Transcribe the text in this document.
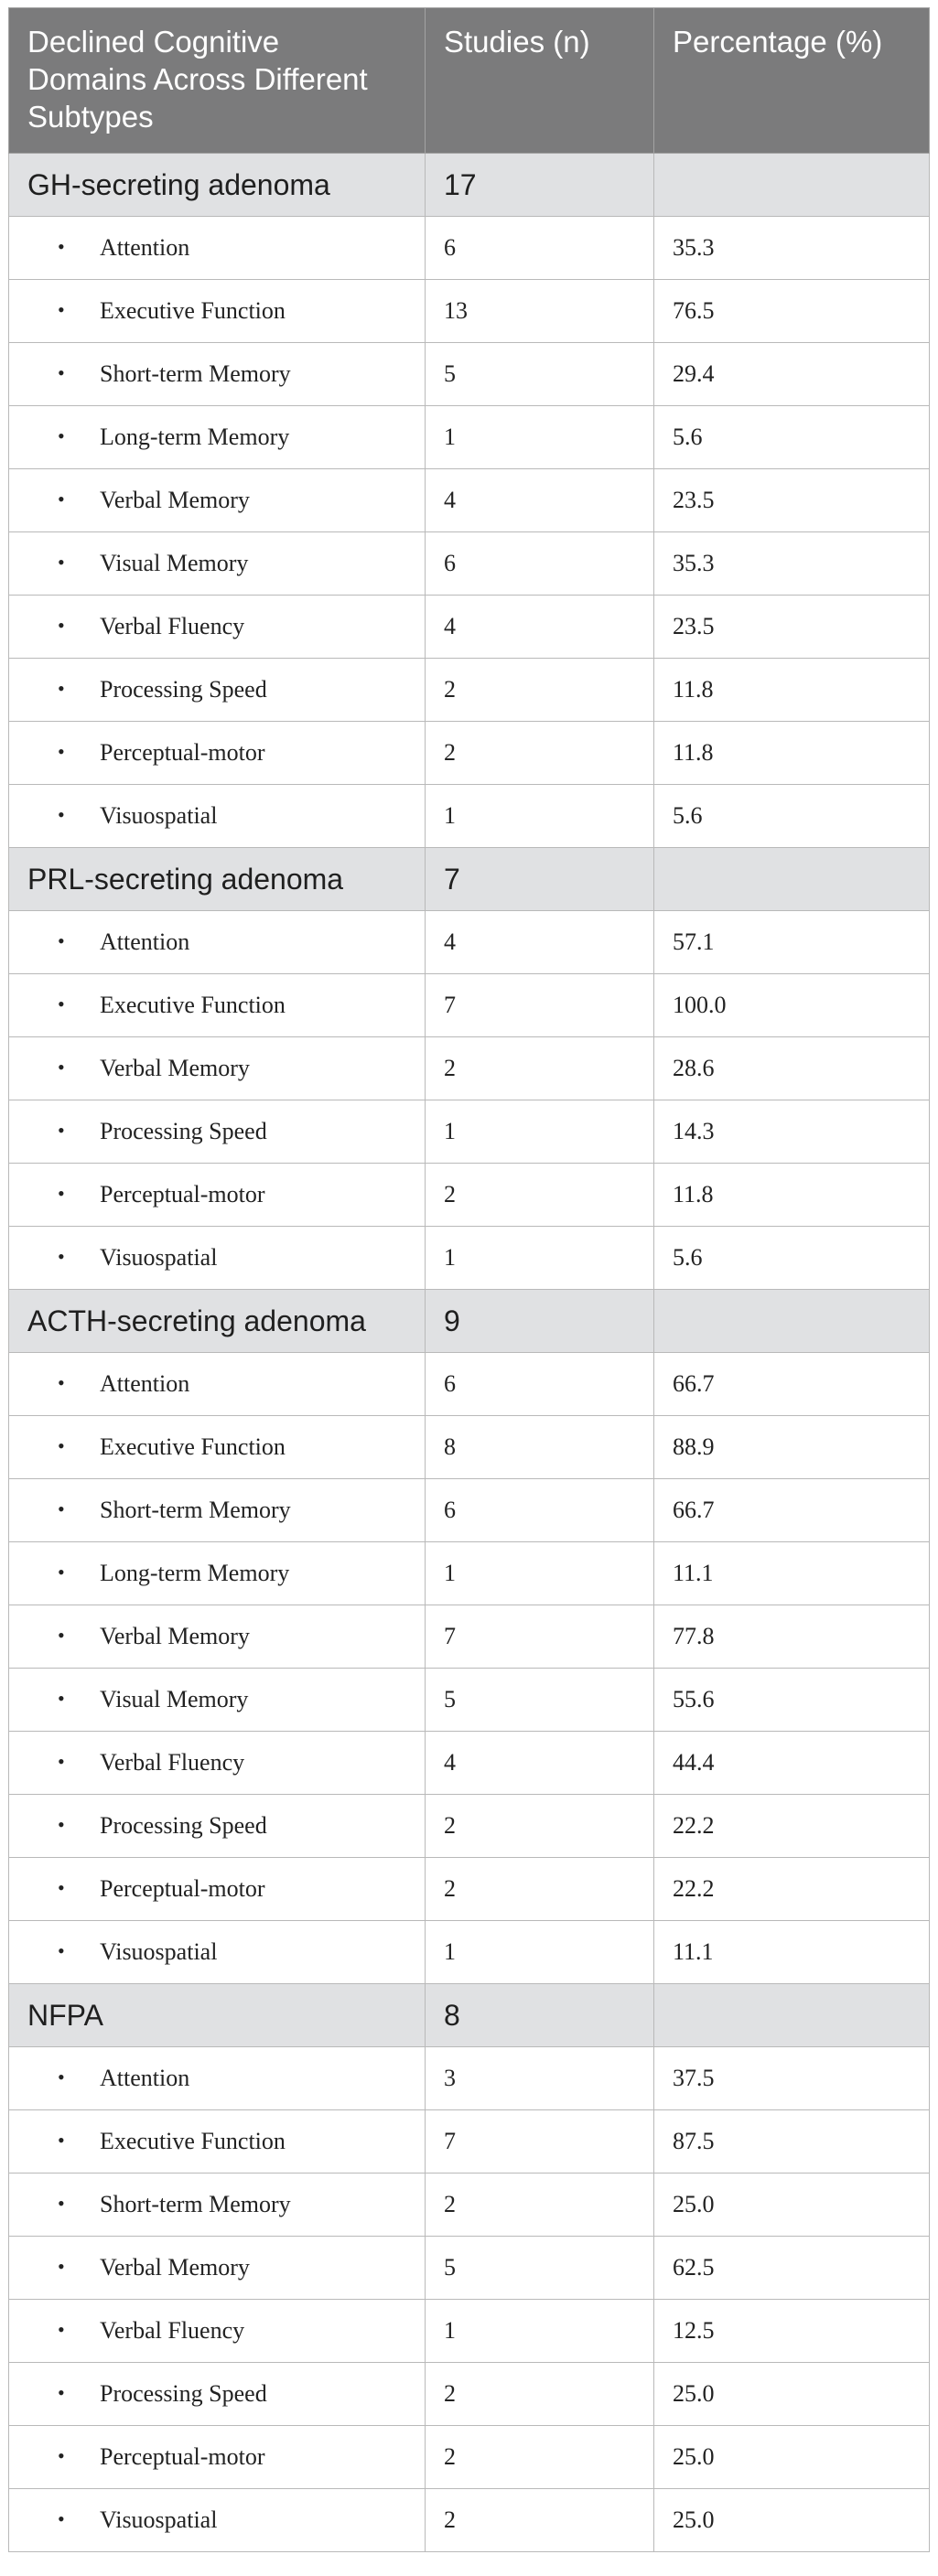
Declined Cognitive Domains Across Different Subtypes	Studies (n)	Percentage (%)
GH-secreting adenoma	17	
• Attention	6	35.3
• Executive Function	13	76.5
• Short-term Memory	5	29.4
• Long-term Memory	1	5.6
• Verbal Memory	4	23.5
• Visual Memory	6	35.3
• Verbal Fluency	4	23.5
• Processing Speed	2	11.8
• Perceptual-motor	2	11.8
• Visuospatial	1	5.6
PRL-secreting adenoma	7	
• Attention	4	57.1
• Executive Function	7	100.0
• Verbal Memory	2	28.6
• Processing Speed	1	14.3
• Perceptual-motor	2	11.8
• Visuospatial	1	5.6
ACTH-secreting adenoma	9	
• Attention	6	66.7
• Executive Function	8	88.9
• Short-term Memory	6	66.7
• Long-term Memory	1	11.1
• Verbal Memory	7	77.8
• Visual Memory	5	55.6
• Verbal Fluency	4	44.4
• Processing Speed	2	22.2
• Perceptual-motor	2	22.2
• Visuospatial	1	11.1
NFPA	8	
• Attention	3	37.5
• Executive Function	7	87.5
• Short-term Memory	2	25.0
• Verbal Memory	5	62.5
• Verbal Fluency	1	12.5
• Processing Speed	2	25.0
• Perceptual-motor	2	25.0
• Visuospatial	2	25.0
